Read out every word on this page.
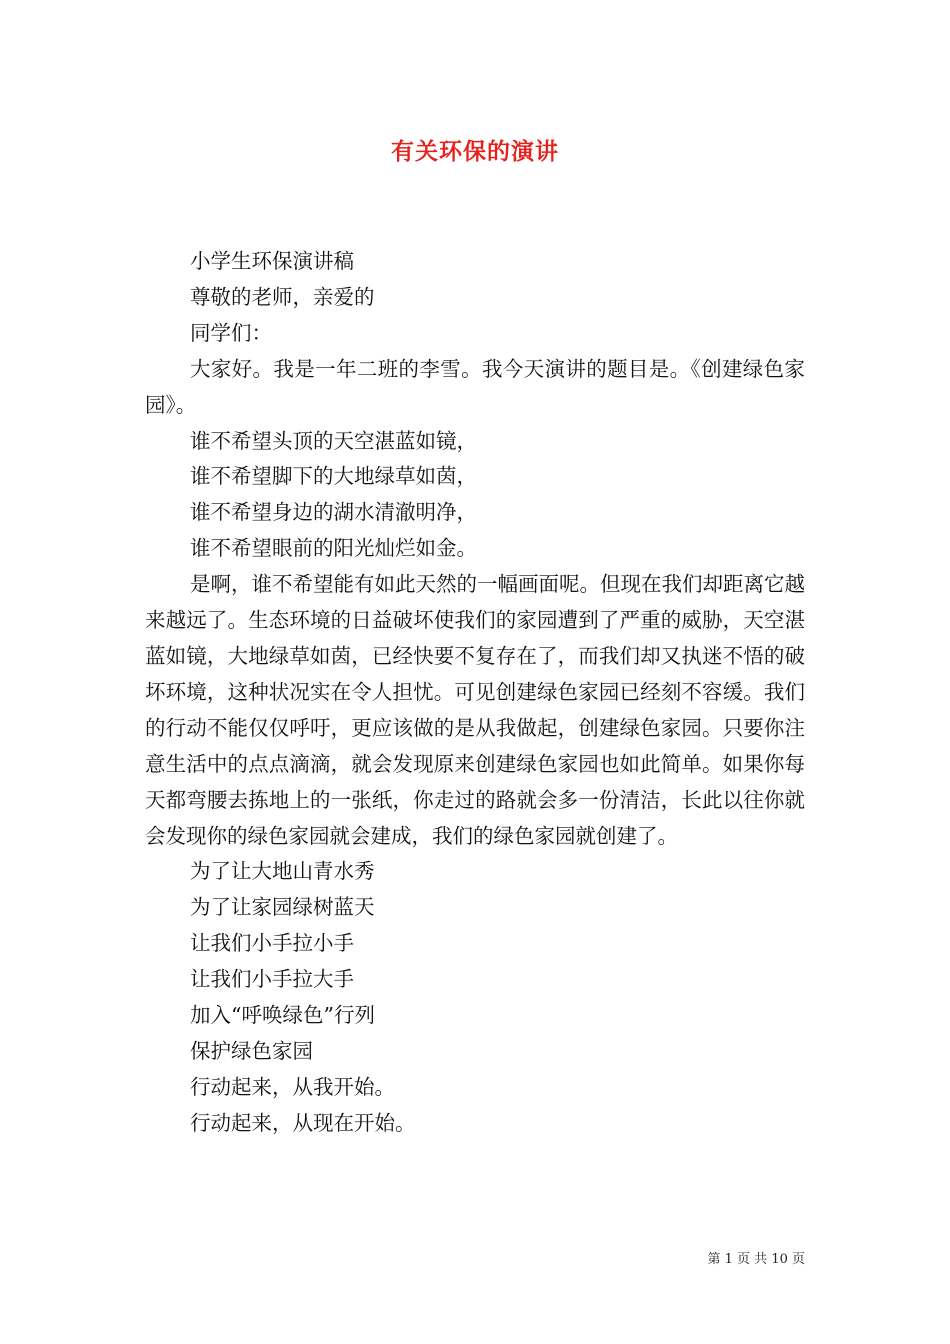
有关环保的演讲

小学生环保演讲稿

尊敬的老师，亲爱的

同学们：

大家好。我是一年二班的李雪。我今天演讲的题目是。《创建绿色家园》。

谁不希望头顶的天空湛蓝如镜，

谁不希望脚下的大地绿草如茵，

谁不希望身边的湖水清澈明净，

谁不希望眼前的阳光灿烂如金。

是啊，谁不希望能有如此天然的一幅画面呢。但现在我们却距离它越来越远了。生态环境的日益破坏使我们的家园遭到了严重的威胁，天空湛蓝如镜，大地绿草如茵，已经快要不复存在了，而我们却又执迷不悟的破坏环境，这种状况实在令人担忧。可见创建绿色家园已经刻不容缓。我们的行动不能仅仅呼吁，更应该做的是从我做起，创建绿色家园。只要你注意生活中的点点滴滴，就会发现原来创建绿色家园也如此简单。如果你每天都弯腰去拣地上的一张纸，你走过的路就会多一份清洁，长此以往你就会发现你的绿色家园就会建成，我们的绿色家园就创建了。

为了让大地山青水秀

为了让家园绿树蓝天

让我们小手拉小手

让我们小手拉大手

加入“呼唤绿色”行列

保护绿色家园

行动起来，从我开始。

行动起来，从现在开始。

第 1 页 共 10 页
